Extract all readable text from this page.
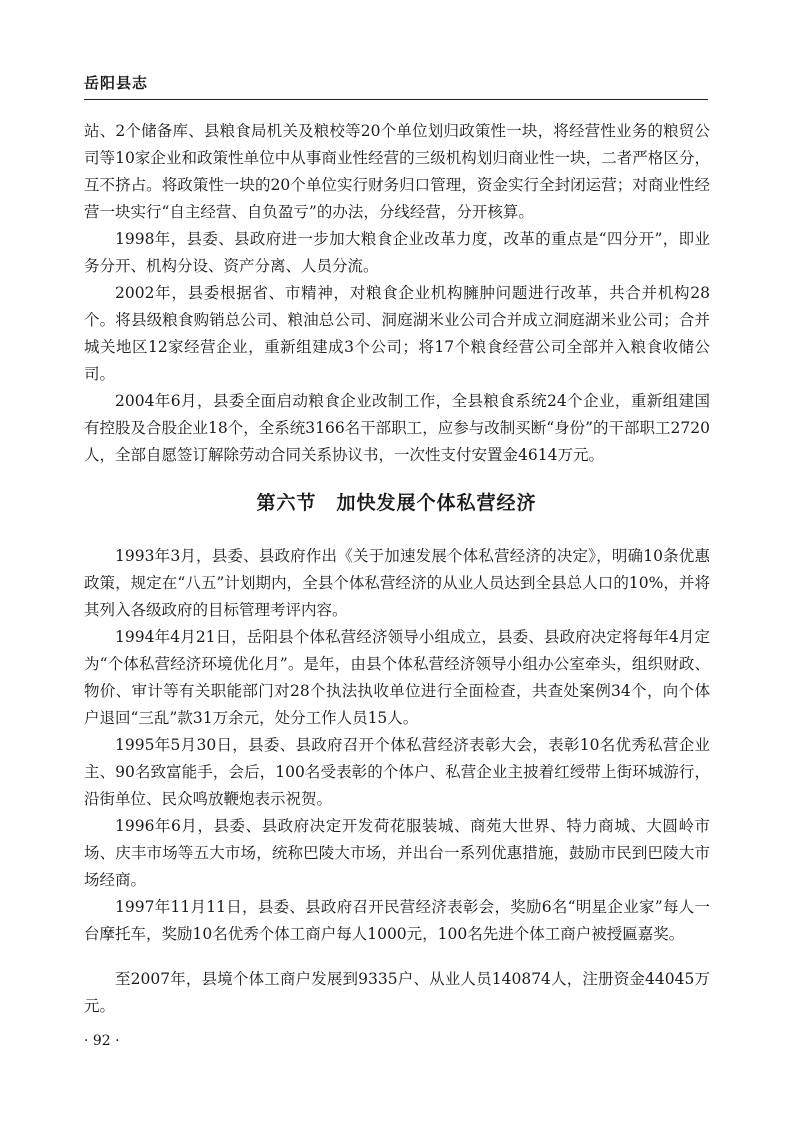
岳阳县志

站、2个储备库、县粮食局机关及粮校等20个单位划归政策性一块，将经营性业务的粮贸公司等10家企业和政策性单位中从事商业性经营的三级机构划归商业性一块，二者严格区分，互不挤占。将政策性一块的20个单位实行财务归口管理，资金实行全封闭运营；对商业性经营一块实行“自主经营、自负盈亏”的办法，分线经营，分开核算。

1998年，县委、县政府进一步加大粮食企业改革力度，改革的重点是“四分开”，即业务分开、机构分设、资产分离、人员分流。

2002年，县委根据省、市精神，对粮食企业机构臃肿问题进行改革，共合并机构28个。将县级粮食购销总公司、粮油总公司、洞庭湖米业公司合并成立洞庭湖米业公司；合并城关地区12家经营企业，重新组建成3个公司；将17个粮食经营公司全部并入粮食收储公司。

2004年6月，县委全面启动粮食企业改制工作，全县粮食系统24个企业，重新组建国有控股及合股企业18个，全系统3166名干部职工，应参与改制买断“身份”的干部职工2720人，全部自愿签订解除劳动合同关系协议书，一次性支付安置金4614万元。

第六节　加快发展个体私营经济

1993年3月，县委、县政府作出《关于加速发展个体私营经济的决定》，明确10条优惠政策，规定在“八五”计划期内，全县个体私营经济的从业人员达到全县总人口的10%，并将其列入各级政府的目标管理考评内容。

1994年4月21日，岳阳县个体私营经济领导小组成立，县委、县政府决定将每年4月定为“个体私营经济环境优化月”。是年，由县个体私营经济领导小组办公室牵头，组织财政、物价、审计等有关职能部门对28个执法执收单位进行全面检查，共查处案例34个，向个体户退回“三乱”款31万余元，处分工作人员15人。

1995年5月30日，县委、县政府召开个体私营经济表彰大会，表彰10名优秀私营企业主、90名致富能手，会后，100名受表彰的个体户、私营企业主披着红绶带上街环城游行，沿街单位、民众鸣放鞭炮表示祝贺。

1996年6月，县委、县政府决定开发荷花服装城、商苑大世界、特力商城、大圆岭市场、庆丰市场等五大市场，统称巴陵大市场，并出台一系列优惠措施，鼓励市民到巴陵大市场经商。

1997年11月11日，县委、县政府召开民营经济表彰会，奖励6名“明星企业家”每人一台摩托车，奖励10名优秀个体工商户每人1000元，100名先进个体工商户被授匾嘉奖。

至2007年，县境个体工商户发展到9335户、从业人员140874人，注册资金44045万元。

· 92 ·
